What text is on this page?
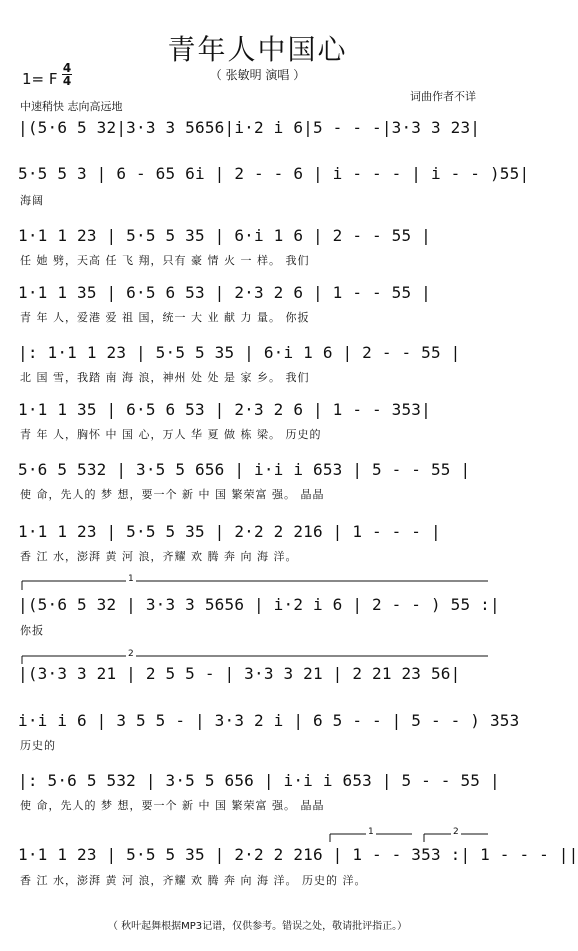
青年人中国心
（ 张敏明 演唱 ）
1= F
4
4
中速稍快 志向高远地
词曲作者不详
|(5·6 5 32|3·3 3 5656|i·2 i 6|5 - - -|3·3 3 23|
5·5 5 3 | 6 - 65 6i | 2 - - 6 | i - - - | i - - )55|
海阔
1·1 1 23 | 5·5 5 35 | 6·i 1 6 | 2 - - 55 |
任 她 劈，天高 任 飞 翔，只有 豪 情 火 一 样。 我们
1·1 1 35 | 6·5 6 53 | 2·3 2 6 | 1 - - 55 |
青 年 人，爱港 爱 祖 国，统一 大 业 献 力 量。 你扳
|: 1·1 1 23 | 5·5 5 35 | 6·i 1 6 | 2 - - 55 |
北 国 雪，我踏 南 海 浪，神州 处 处 是 家 乡。 我们
1·1 1 35 | 6·5 6 53 | 2·3 2 6 | 1 - - 353|
青 年 人，胸怀 中 国 心，万人 华 夏 做 栋 梁。 历史的
5·6 5 532 | 3·5 5 656 | i·i i 653 | 5 - - 55 |
使 命，先人的 梦 想，要一个 新 中 国 繁荣富 强。 晶晶
1·1 1 23 | 5·5 5 35 | 2·2 2 216 | 1 - - - |
香 江 水，澎湃 黄 河 浪，齐耀 欢 腾 奔 向 海 洋。
|(5·6 5 32 | 3·3 3 5656 | i·2 i 6 | 2 - - ) 55 :|
你扳
|(3·3 3 21 | 2 5 5 - | 3·3 3 21 | 2 21 23 56|
i·i i 6 | 3 5 5 - | 3·3 2 i | 6 5 - - | 5 - - ) 353
历史的
|: 5·6 5 532 | 3·5 5 656 | i·i i 653 | 5 - - 55 |
使 命，先人的 梦 想，要一个 新 中 国 繁荣富 强。 晶晶
1·1 1 23 | 5·5 5 35 | 2·2 2 216 | 1 - - 353 :| 1 - - - ||
香 江 水，澎湃 黄 河 浪，齐耀 欢 腾 奔 向 海 洋。 历史的 洋。
1
2
1	2
（ 秋叶起舞根据MP3记谱，仅供参考。错误之处，敬请批评指正。）
